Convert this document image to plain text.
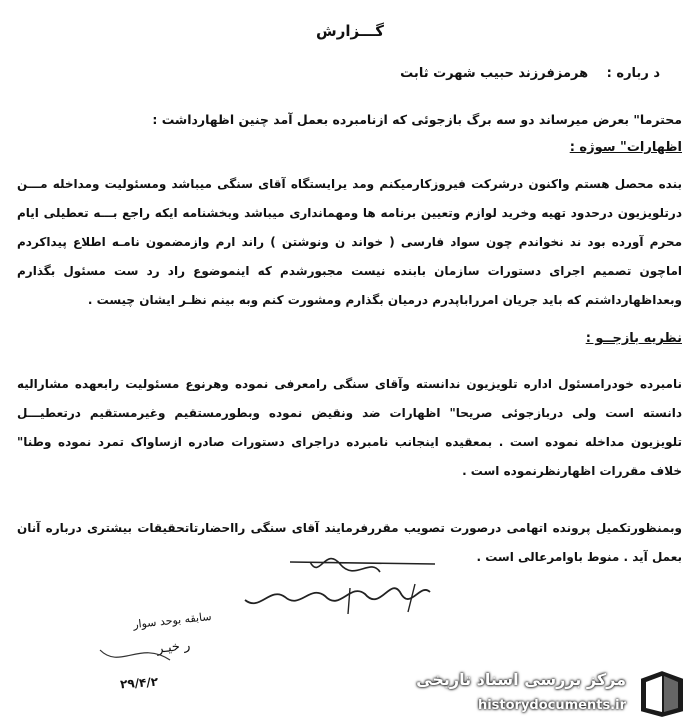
گـــزارش
د رباره : هرمزفرزند حبیب شهرت ثابت
محترما" بعرض میرساند دو سه برگ بازجوئی که ازنامبرده بعمل آمد چنین اظهارداشت :
اظهارات" سوژه :
بنده محصل هستم واکنون درشرکت فیروزکارمیکنم ومد یرایستگاه آقای سنگی میباشد ومسئولیت ومداخله مـــن درتلویزیون درحدود تهیه وخرید لوازم وتعیین برنامه ها ومهمانداری میباشد وبخشنامه ایکه راجع بـــه تعطیلی ایام محرم آورده بود ند نخواندم چون سواد فارسی ( خواند ن ونوشتن ) راند ارم وازمضمون نامـه اطلاع پیداکردم اماچون تصمیم اجرای دستورات سازمان بابنده نیست مجبورشدم که اینموضوع راد رد ست مسئول بگذارم وبعداظهارداشتم که باید جریان امرراباپدرم درمیان بگذارم ومشورت کنم وبه بینم نظـر ایشان چیست .
نظریه بازجــو :
نامبرده خودرامسئول اداره تلویزیون ندانسته وآقای سنگی رامعرفی نموده وهرنوع مسئولیت رابعهده مشاراليه دانسته است ولی دربازجوئی صریحا" اظهارات ضد ونقیض نموده وبطورمستقیم وغیرمستقیم درتعطيـــل تلویزیون مداخله نموده است . بمعقیده اینجانب نامبرده دراجرای دستورات صادره ازساواک تمرد نموده وطنا" خلاف مقررات اظهارنظرنموده است .
وبمنظورتکمیل پرونده اتهامی درصورت تصویب مقررفرمایند آقای سنگی رااحضارتاتحقیقات بیشتری درباره آنان بعمل آید . منوط باوامرعالی است .
سابقه بوحد سوار
ر خیـر
۲۹/۴/۲	مرکز بررسی اسناد تاریخی
historydocuments.ir
